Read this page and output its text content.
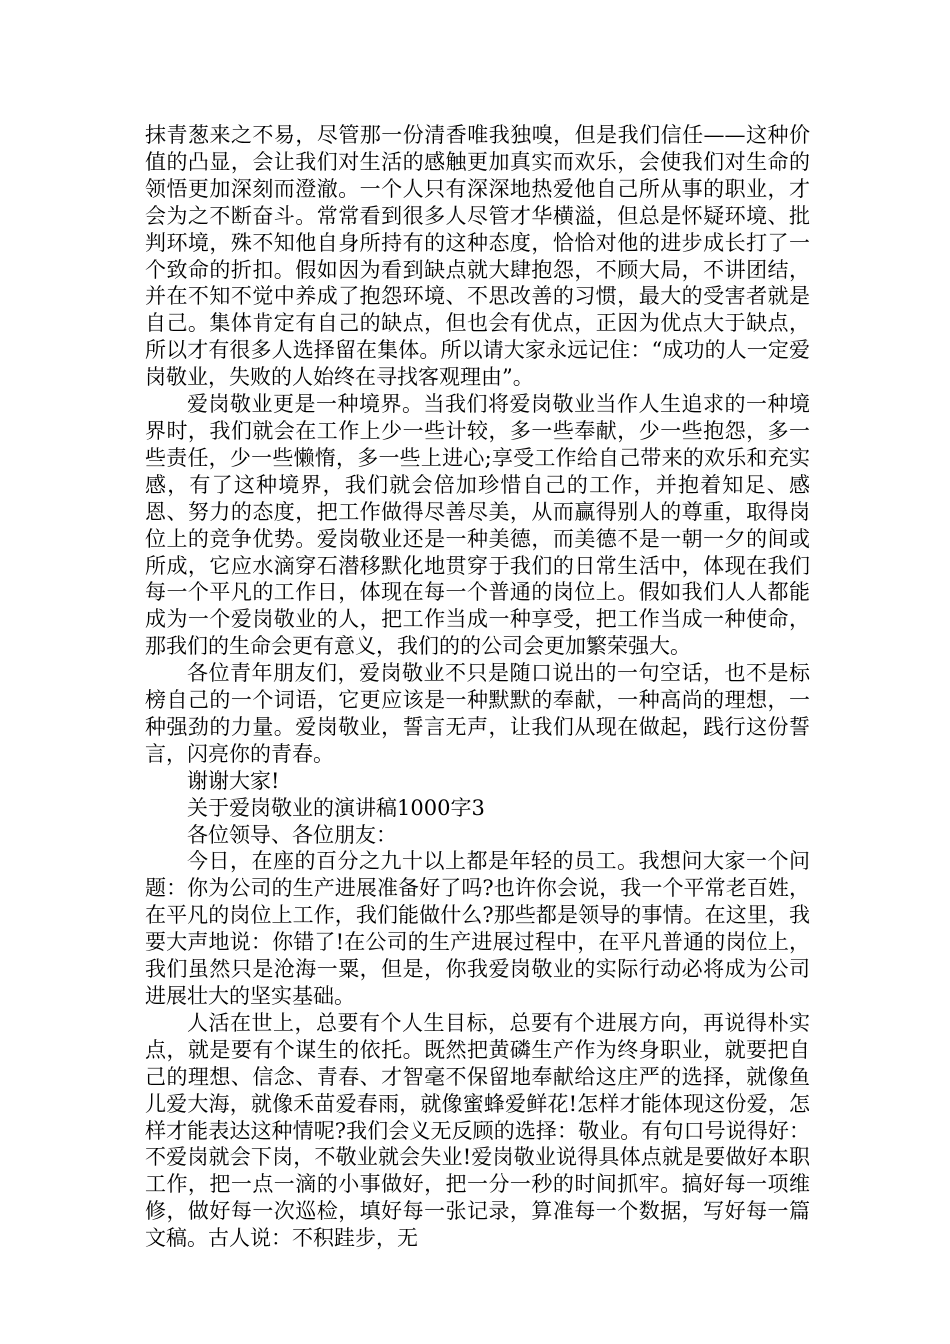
抹青葱来之不易，尽管那一份清香唯我独嗅，但是我们信任——这种价值的凸显，会让我们对生活的感触更加真实而欢乐，会使我们对生命的领悟更加深刻而澄澈。一个人只有深深地热爱他自己所从事的职业，才会为之不断奋斗。常常看到很多人尽管才华横溢，但总是怀疑环境、批判环境，殊不知他自身所持有的这种态度，恰恰对他的进步成长打了一个致命的折扣。假如因为看到缺点就大肆抱怨，不顾大局，不讲团结，并在不知不觉中养成了抱怨环境、不思改善的习惯，最大的受害者就是自己。集体肯定有自己的缺点，但也会有优点，正因为优点大于缺点，所以才有很多人选择留在集体。所以请大家永远记住：“成功的人一定爱岗敬业，失败的人始终在寻找客观理由”。

爱岗敬业更是一种境界。当我们将爱岗敬业当作人生追求的一种境界时，我们就会在工作上少一些计较，多一些奉献，少一些抱怨，多一些责任，少一些懒惰，多一些上进心;享受工作给自己带来的欢乐和充实感，有了这种境界，我们就会倍加珍惜自己的工作，并抱着知足、感恩、努力的态度，把工作做得尽善尽美，从而赢得别人的尊重，取得岗位上的竞争优势。爱岗敬业还是一种美德，而美德不是一朝一夕的间或所成，它应水滴穿石潜移默化地贯穿于我们的日常生活中，体现在我们每一个平凡的工作日，体现在每一个普通的岗位上。假如我们人人都能成为一个爱岗敬业的人，把工作当成一种享受，把工作当成一种使命，那我们的生命会更有意义，我们的的公司会更加繁荣强大。

各位青年朋友们，爱岗敬业不只是随口说出的一句空话，也不是标榜自己的一个词语，它更应该是一种默默的奉献，一种高尚的理想，一种强劲的力量。爱岗敬业，誓言无声，让我们从现在做起，践行这份誓言，闪亮你的青春。

谢谢大家!

关于爱岗敬业的演讲稿1000字3

各位领导、各位朋友：

今日，在座的百分之九十以上都是年轻的员工。我想问大家一个问题：你为公司的生产进展准备好了吗?也许你会说，我一个平常老百姓，在平凡的岗位上工作，我们能做什么?那些都是领导的事情。在这里，我要大声地说：你错了!在公司的生产进展过程中，在平凡普通的岗位上，我们虽然只是沧海一粟，但是，你我爱岗敬业的实际行动必将成为公司进展壮大的坚实基础。

人活在世上，总要有个人生目标，总要有个进展方向，再说得朴实点，就是要有个谋生的依托。既然把黄磷生产作为终身职业，就要把自己的理想、信念、青春、才智毫不保留地奉献给这庄严的选择，就像鱼儿爱大海，就像禾苗爱春雨，就像蜜蜂爱鲜花!怎样才能体现这份爱，怎样才能表达这种情呢?我们会义无反顾的选择：敬业。有句口号说得好：不爱岗就会下岗，不敬业就会失业!爱岗敬业说得具体点就是要做好本职工作，把一点一滴的小事做好，把一分一秒的时间抓牢。搞好每一项维修，做好每一次巡检，填好每一张记录，算准每一个数据，写好每一篇文稿。古人说：不积跬步，无
